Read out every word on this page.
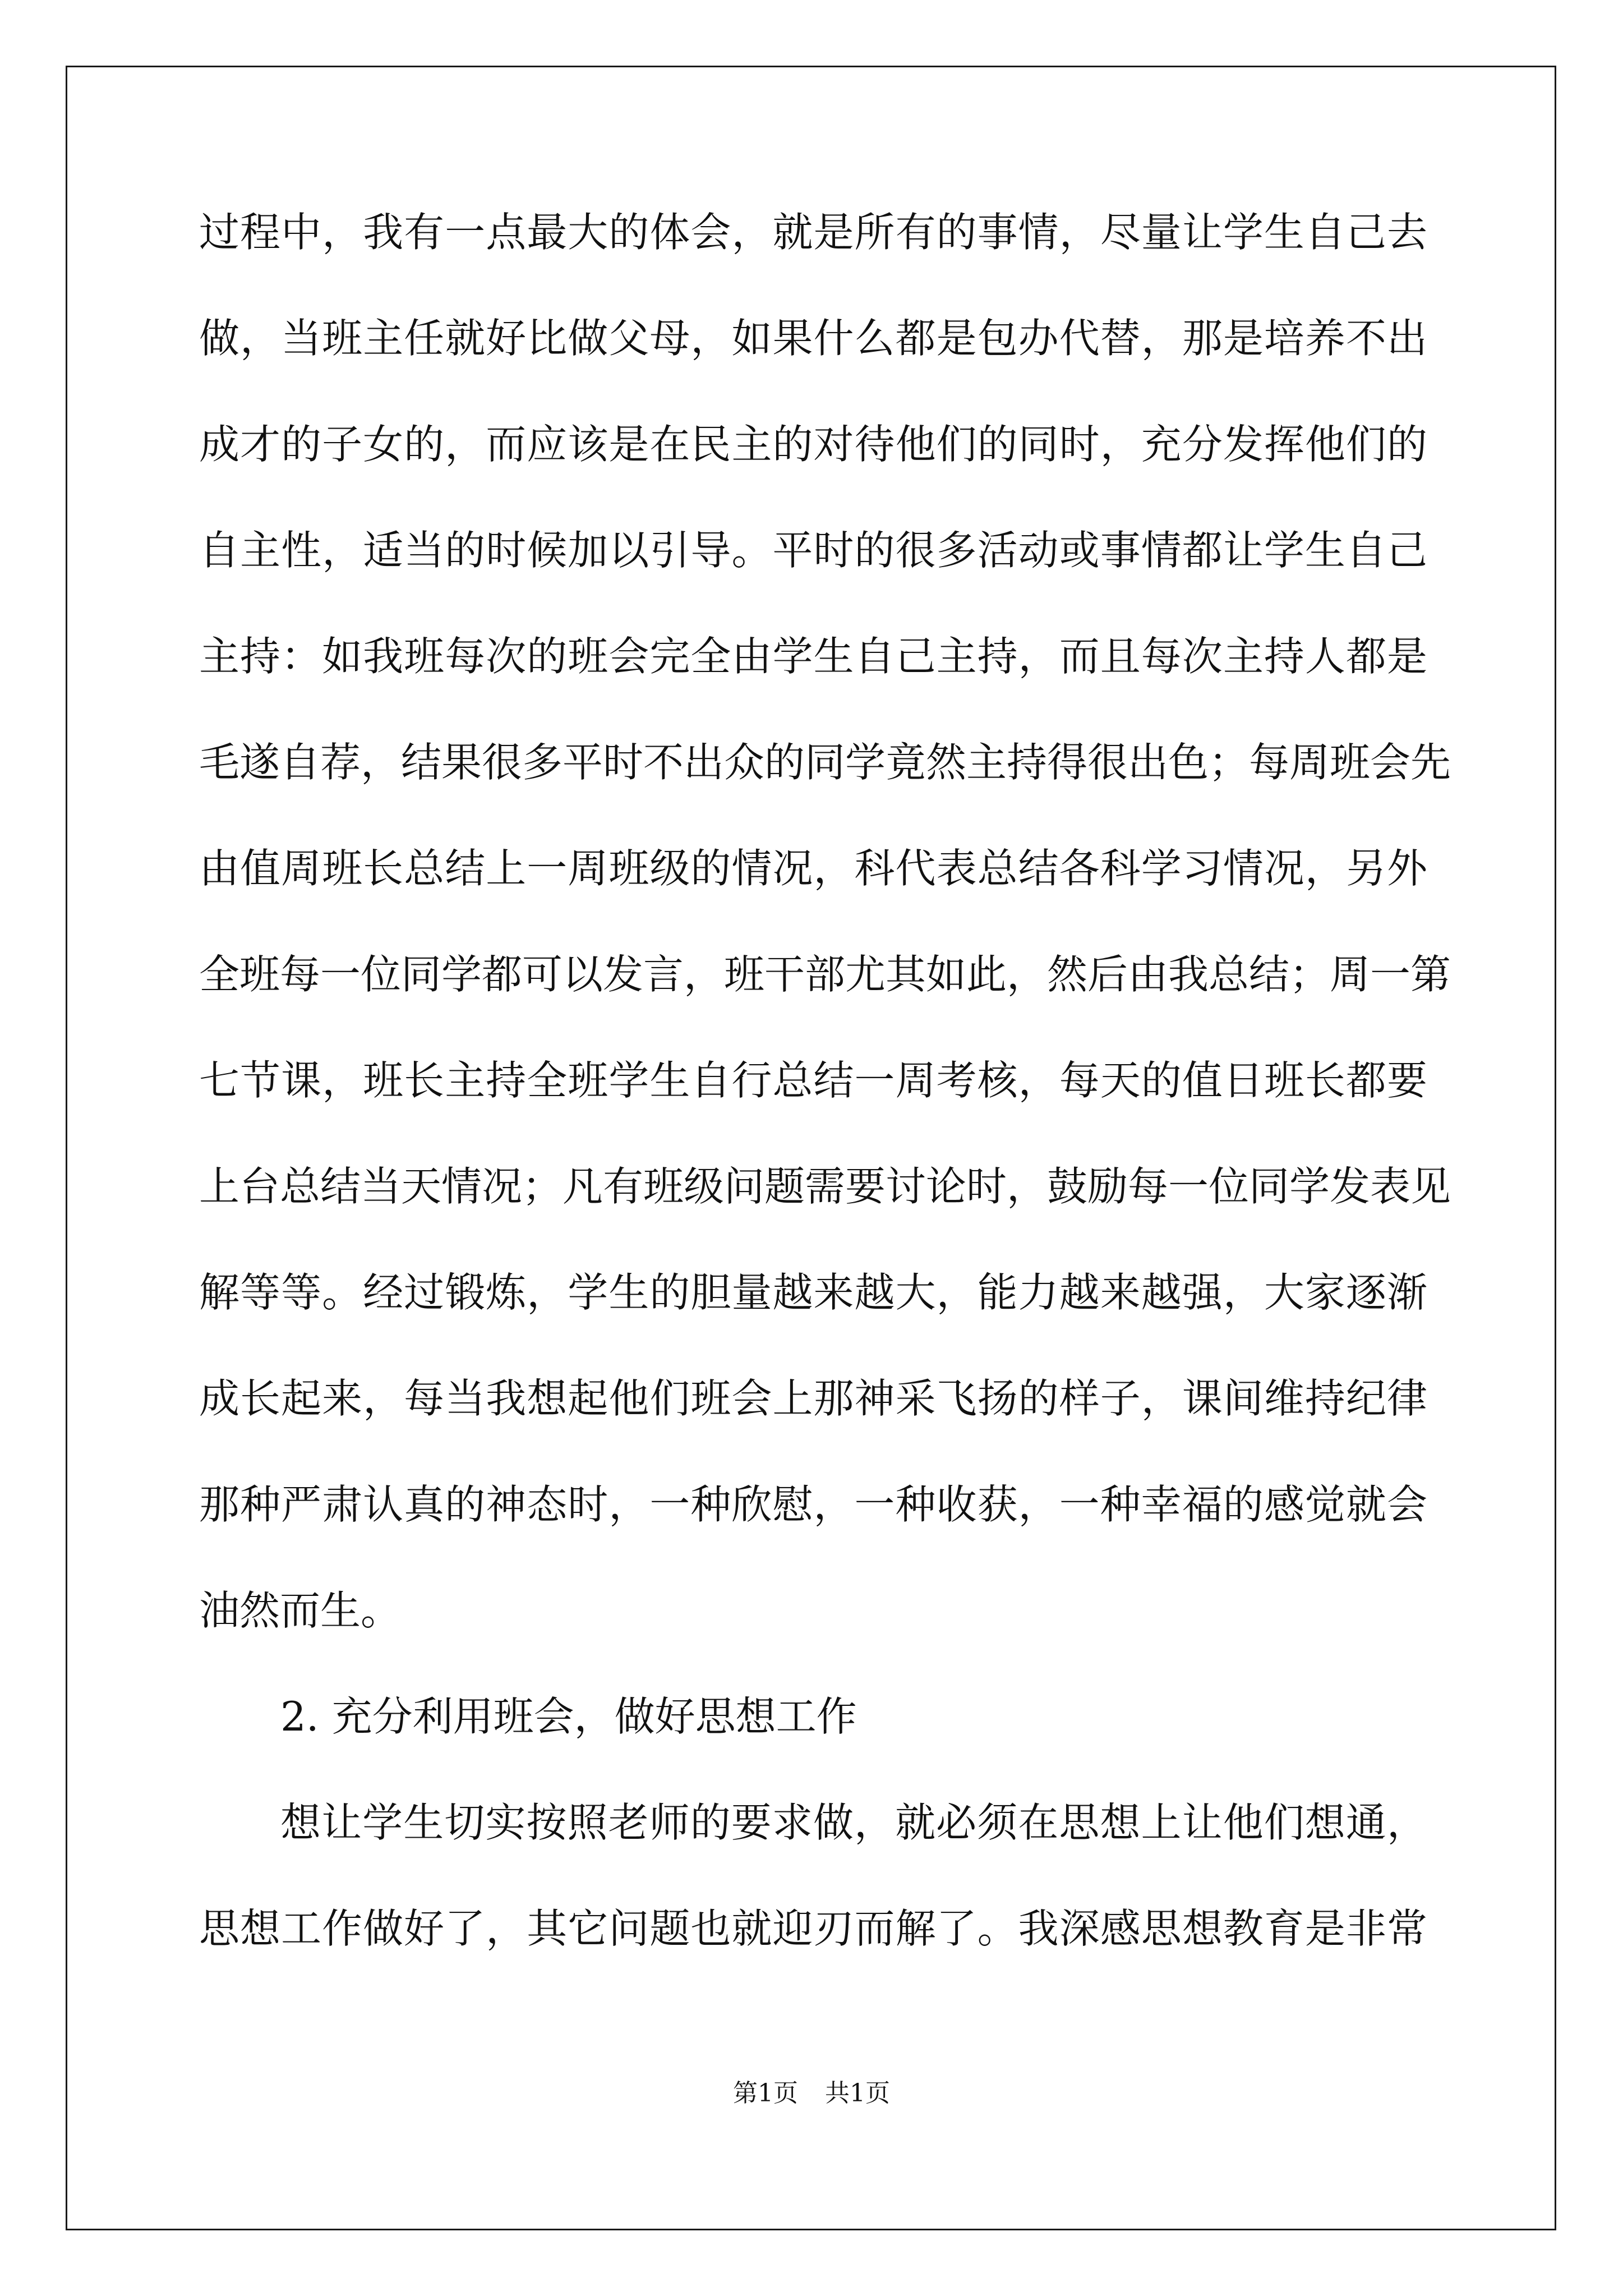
过程中，我有一点最大的体会，就是所有的事情，尽量让学生自己去
做，当班主任就好比做父母，如果什么都是包办代替，那是培养不出
成才的子女的，而应该是在民主的对待他们的同时，充分发挥他们的
自主性，适当的时候加以引导。平时的很多活动或事情都让学生自己
主持：如我班每次的班会完全由学生自己主持，而且每次主持人都是
毛遂自荐，结果很多平时不出众的同学竟然主持得很出色；每周班会先
由值周班长总结上一周班级的情况，科代表总结各科学习情况，另外
全班每一位同学都可以发言，班干部尤其如此，然后由我总结；周一第
七节课，班长主持全班学生自行总结一周考核，每天的值日班长都要
上台总结当天情况；凡有班级问题需要讨论时，鼓励每一位同学发表见
解等等。经过锻炼，学生的胆量越来越大，能力越来越强，大家逐渐
成长起来，每当我想起他们班会上那神采飞扬的样子，课间维持纪律
那种严肃认真的神态时，一种欣慰，一种收获，一种幸福的感觉就会
油然而生。
2. 充分利用班会，做好思想工作
想让学生切实按照老师的要求做，就必须在思想上让他们想通，
思想工作做好了，其它问题也就迎刃而解了。我深感思想教育是非常
第1页 共1页
